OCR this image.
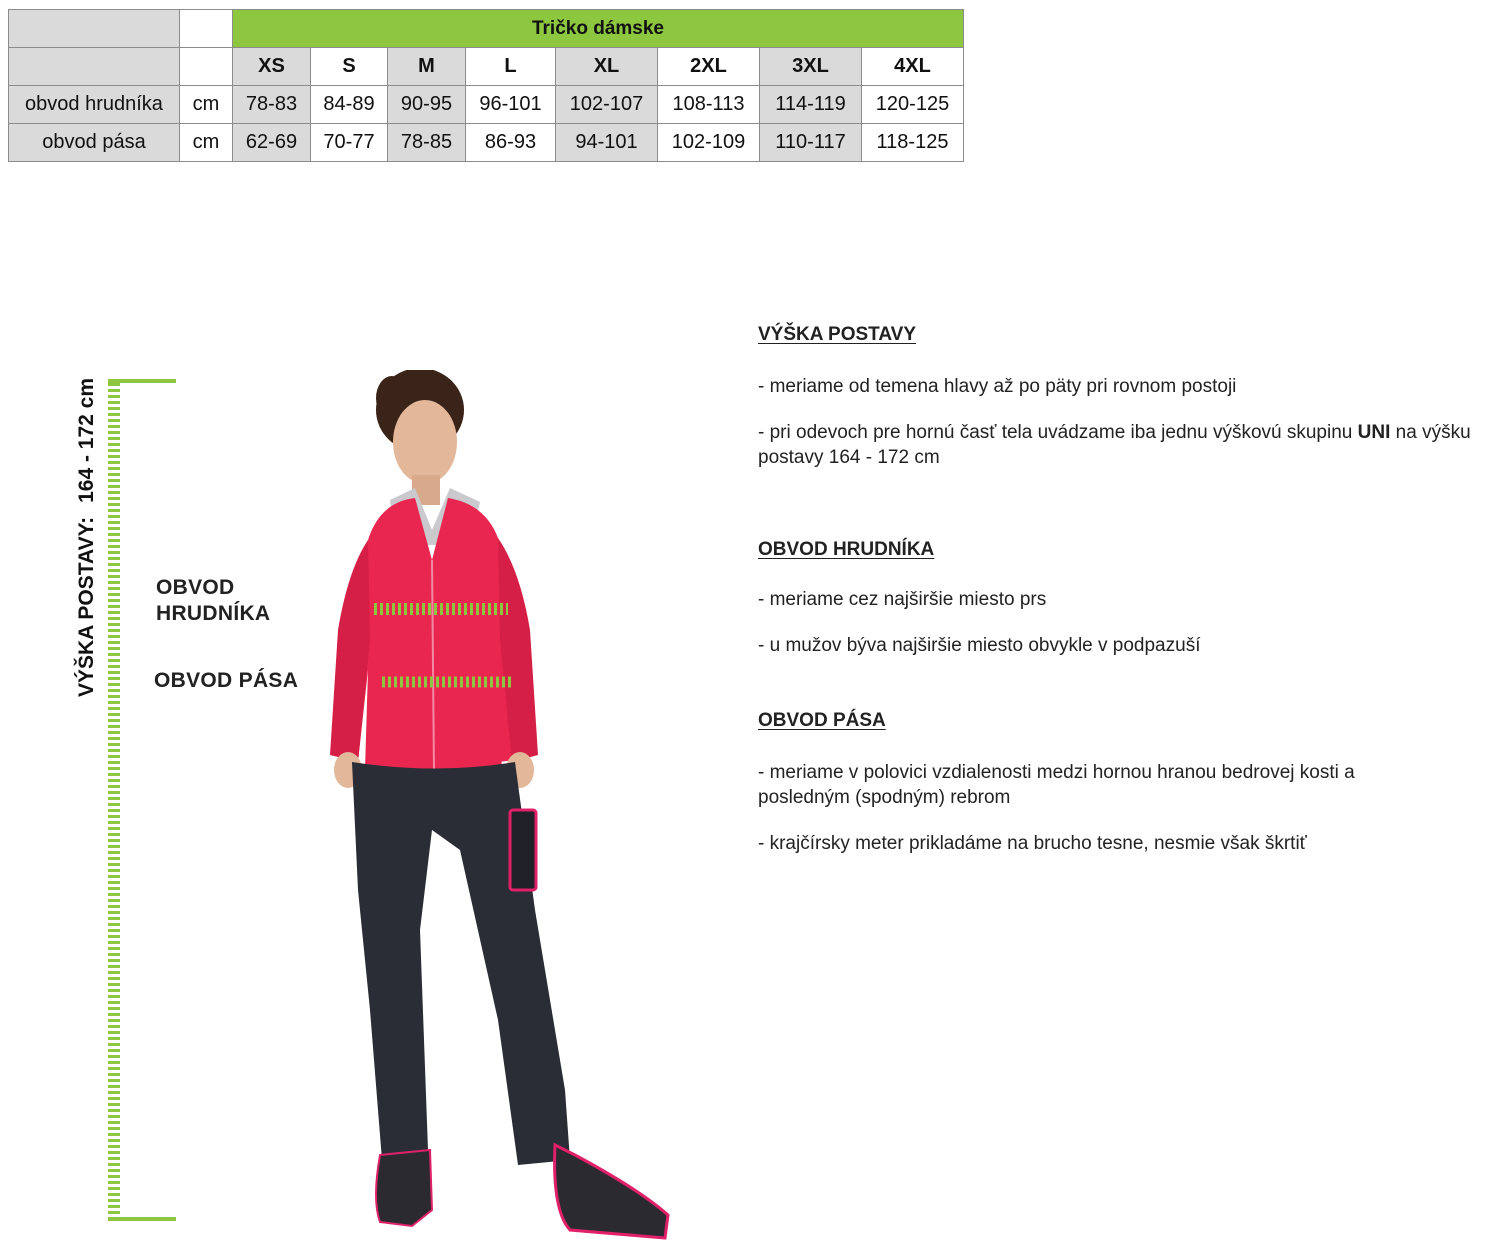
		Tričko dámske							
		XS	S	M	L	XL	2XL	3XL	4XL
obvod hrudníka	cm	78-83	84-89	90-95	96-101	102-107	108-113	114-119	120-125
obvod pása	cm	62-69	70-77	78-85	86-93	94-101	102-109	110-117	118-125
VÝŠKA POSTAVY:164 - 172 cm
OBVOD
HRUDNÍKA
OBVOD PÁSA
VÝŠKA POSTAVY

- meriame od temena hlavy až po päty pri rovnom postoji

- pri odevoch pre hornú časť tela uvádzame iba jednu výškovú skupinu UNI na výšku postavy 164 - 172 cm

OBVOD HRUDNÍKA

- meriame cez najširšie miesto prs

- u mužov býva najširšie miesto obvykle v podpazuší

OBVOD PÁSA

- meriame v polovici vzdialenosti medzi hornou hranou bedrovej kosti a posledným (spodným) rebrom

- krajčírsky meter prikladáme na brucho tesne, nesmie však škrtiť
